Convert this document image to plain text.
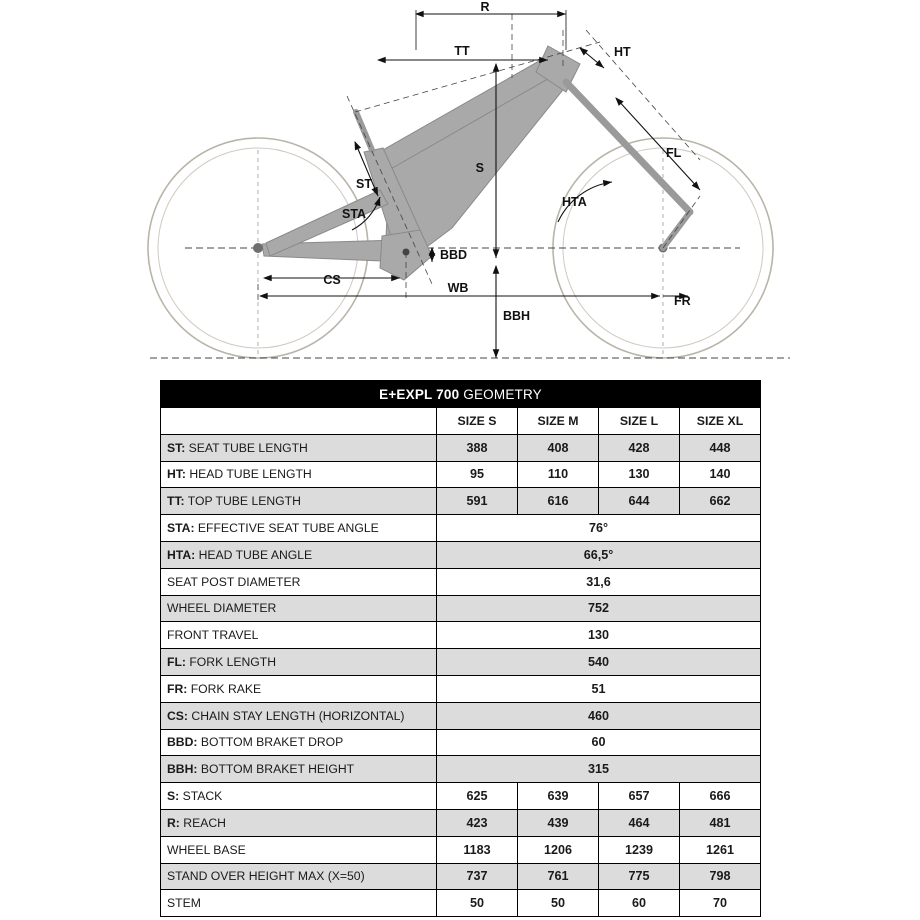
R
TT	HT
S
ST
STA
FL
HTA
BBD
CS
WB
FR
BBH
E+EXPL 700 GEOMETRY				
	SIZE S	SIZE M	SIZE L	SIZE XL
ST: SEAT TUBE LENGTH	388	408	428	448
HT: HEAD TUBE LENGTH	95	110	130	140
TT: TOP TUBE LENGTH	591	616	644	662
STA: EFFECTIVE SEAT TUBE ANGLE	76°			
HTA: HEAD TUBE ANGLE	66,5°			
SEAT POST DIAMETER	31,6			
WHEEL DIAMETER	752			
FRONT TRAVEL	130			
FL: FORK LENGTH	540			
FR: FORK RAKE	51			
CS: CHAIN STAY LENGTH (HORIZONTAL)	460			
BBD: BOTTOM BRAKET DROP	60			
BBH: BOTTOM BRAKET HEIGHT	315			
S: STACK	625	639	657	666
R: REACH	423	439	464	481
WHEEL BASE	1183	1206	1239	1261
STAND OVER HEIGHT MAX (X=50)	737	761	775	798
STEM	50	50	60	70
